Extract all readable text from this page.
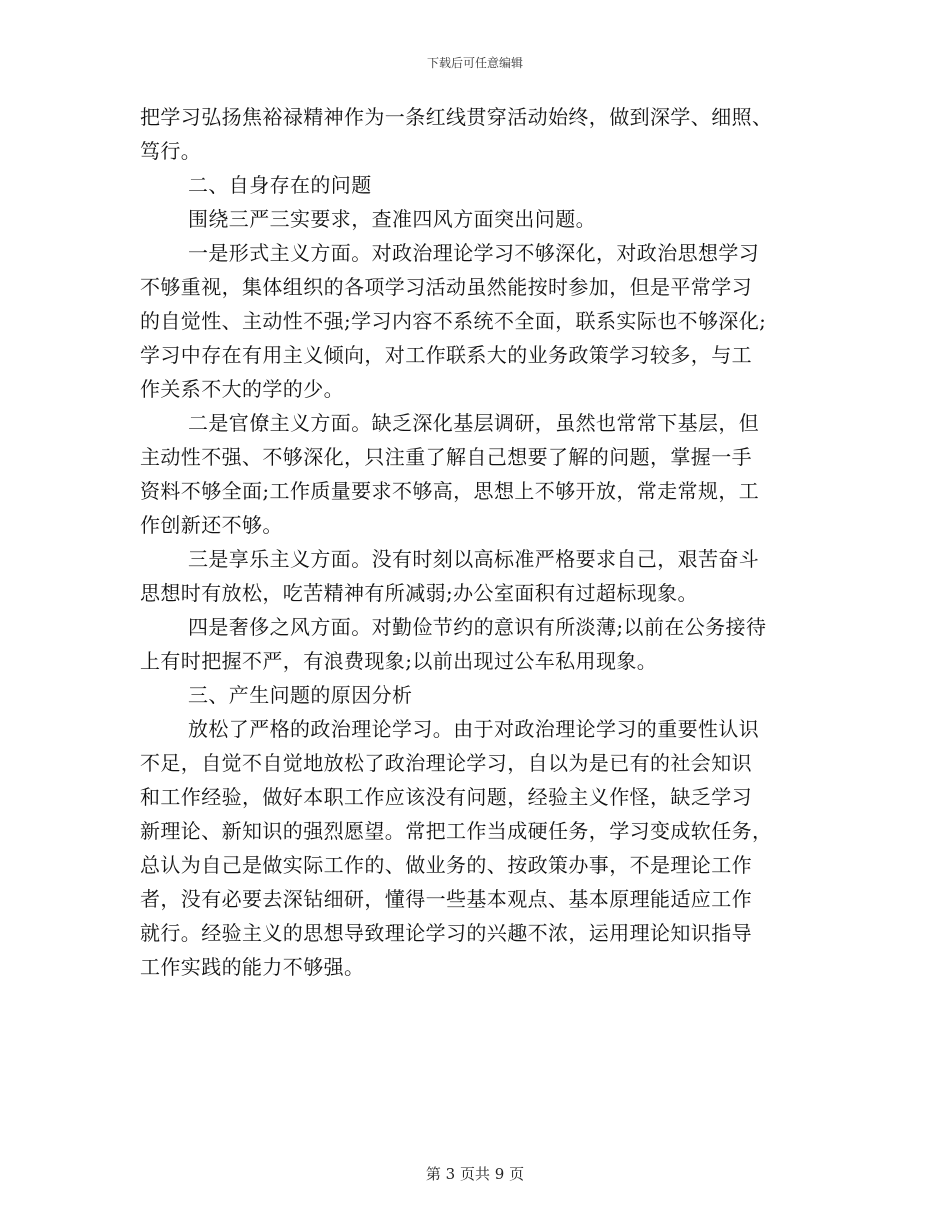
下载后可任意编辑
把学习弘扬焦裕禄精神作为一条红线贯穿活动始终，做到深学、细照、
笃行。
二、自身存在的问题
围绕三严三实要求，查准四风方面突出问题。
一是形式主义方面。对政治理论学习不够深化，对政治思想学习
不够重视，集体组织的各项学习活动虽然能按时参加，但是平常学习
的自觉性、主动性不强;学习内容不系统不全面，联系实际也不够深化;
学习中存在有用主义倾向，对工作联系大的业务政策学习较多，与工
作关系不大的学的少。
二是官僚主义方面。缺乏深化基层调研，虽然也常常下基层，但
主动性不强、不够深化，只注重了解自己想要了解的问题，掌握一手
资料不够全面;工作质量要求不够高，思想上不够开放，常走常规，工
作创新还不够。
三是享乐主义方面。没有时刻以高标准严格要求自己，艰苦奋斗
思想时有放松，吃苦精神有所减弱;办公室面积有过超标现象。
四是奢侈之风方面。对勤俭节约的意识有所淡薄;以前在公务接待
上有时把握不严，有浪费现象;以前出现过公车私用现象。
三、产生问题的原因分析
放松了严格的政治理论学习。由于对政治理论学习的重要性认识
不足，自觉不自觉地放松了政治理论学习，自以为是已有的社会知识
和工作经验，做好本职工作应该没有问题，经验主义作怪，缺乏学习
新理论、新知识的强烈愿望。常把工作当成硬任务，学习变成软任务，
总认为自己是做实际工作的、做业务的、按政策办事，不是理论工作
者，没有必要去深钻细研，懂得一些基本观点、基本原理能适应工作
就行。经验主义的思想导致理论学习的兴趣不浓，运用理论知识指导
工作实践的能力不够强。
第 3 页共 9 页
